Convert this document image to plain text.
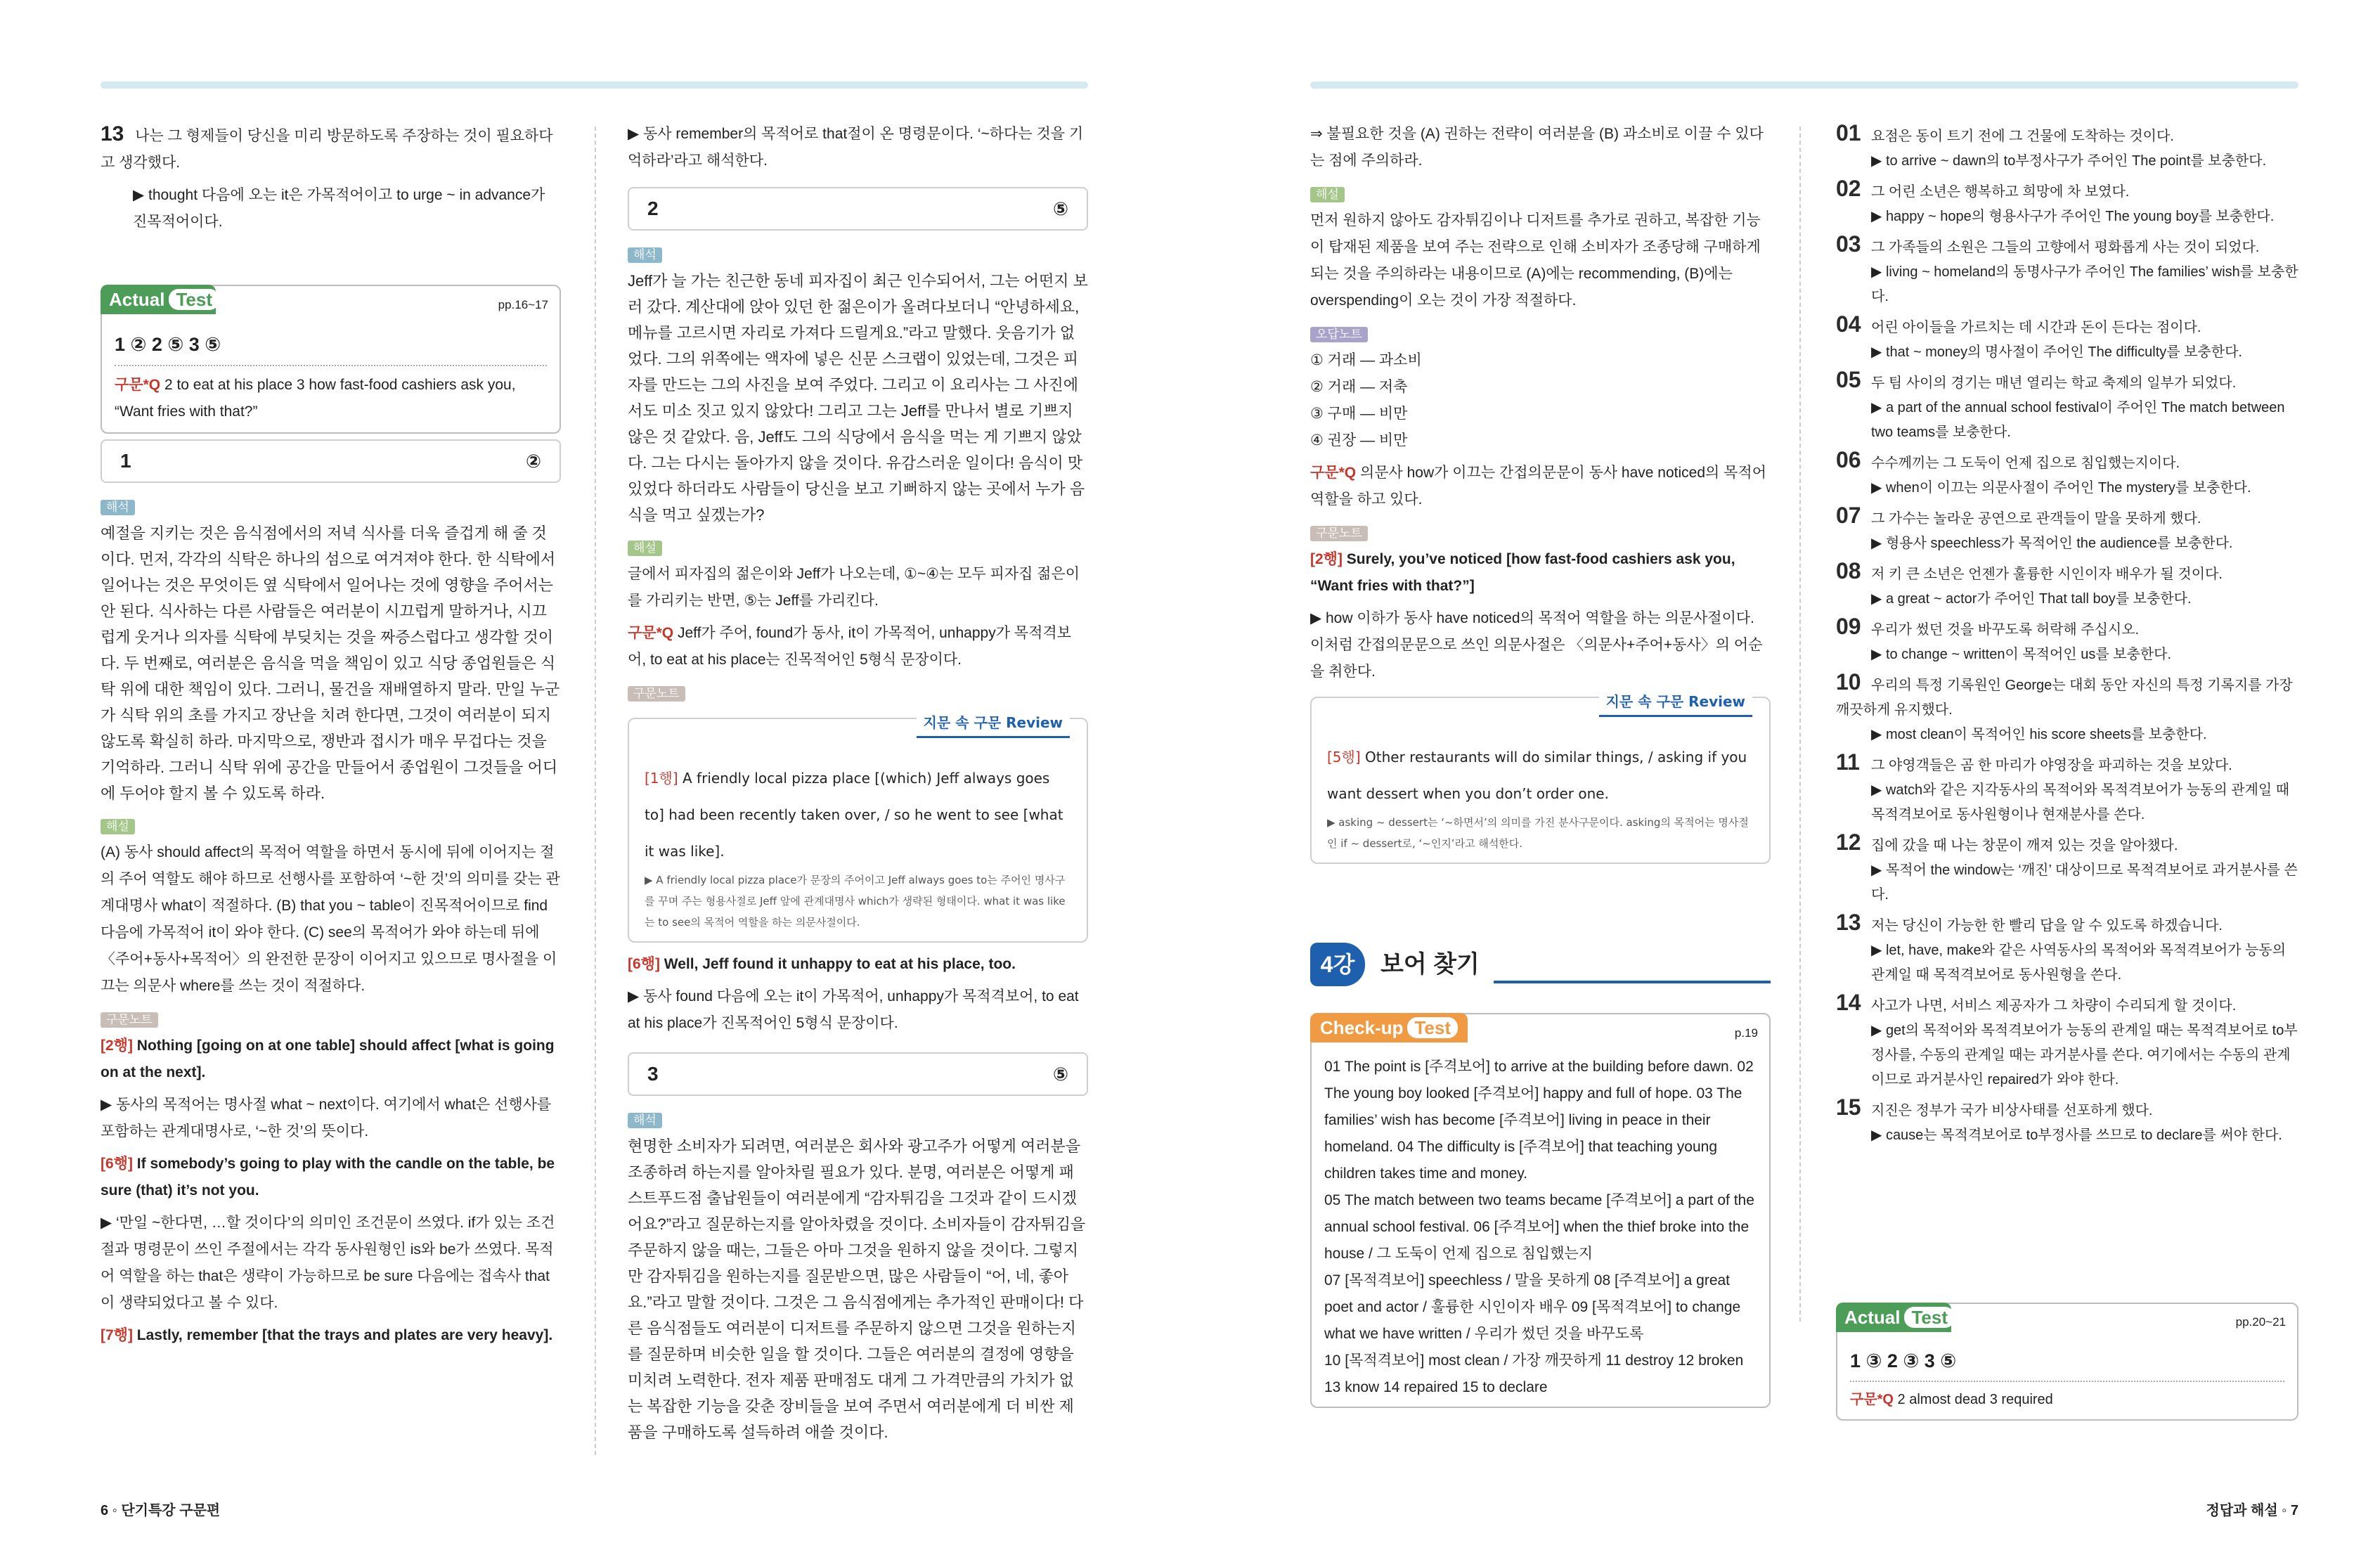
13 나는 그 형제들이 당신을 미리 방문하도록 주장하는 것이 필요하다고 생각했다.
▶ thought 다음에 오는 it은 가목적어이고 to urge ~ in advance가 진목적어이다.
Actual Test	pp.16~17
1 ② 2 ⑤ 3 ⑤
구문*Q 2 to eat at his place 3 how fast-food cashiers ask you, “Want fries with that?”
1	②
해석
예절을 지키는 것은 음식점에서의 저녁 식사를 더욱 즐겁게 해 줄 것이다. 먼저, 각각의 식탁은 하나의 섬으로 여겨져야 한다. 한 식탁에서 일어나는 것은 무엇이든 옆 식탁에서 일어나는 것에 영향을 주어서는 안 된다. 식사하는 다른 사람들은 여러분이 시끄럽게 말하거나, 시끄럽게 웃거나 의자를 식탁에 부딪치는 것을 짜증스럽다고 생각할 것이다. 두 번째로, 여러분은 음식을 먹을 책임이 있고 식당 종업원들은 식탁 위에 대한 책임이 있다. 그러니, 물건을 재배열하지 말라. 만일 누군가 식탁 위의 초를 가지고 장난을 치려 한다면, 그것이 여러분이 되지 않도록 확실히 하라. 마지막으로, 쟁반과 접시가 매우 무겁다는 것을 기억하라. 그러니 식탁 위에 공간을 만들어서 종업원이 그것들을 어디에 두어야 할지 볼 수 있도록 하라.
해설
(A) 동사 should affect의 목적어 역할을 하면서 동시에 뒤에 이어지는 절의 주어 역할도 해야 하므로 선행사를 포함하여 ‘~한 것’의 의미를 갖는 관계대명사 what이 적절하다. (B) that you ~ table이 진목적어이므로 find 다음에 가목적어 it이 와야 한다. (C) see의 목적어가 와야 하는데 뒤에 〈주어+동사+목적어〉의 완전한 문장이 이어지고 있으므로 명사절을 이끄는 의문사 where를 쓰는 것이 적절하다.
구문노트
[2행] Nothing [going on at one table] should affect [what is going on at the next].
▶ 동사의 목적어는 명사절 what ~ next이다. 여기에서 what은 선행사를 포함하는 관계대명사로, ‘~한 것’의 뜻이다.
[6행] If somebody’s going to play with the candle on the table, be sure (that) it’s not you.
▶ ‘만일 ~한다면, …할 것이다’의 의미인 조건문이 쓰였다. if가 있는 조건절과 명령문이 쓰인 주절에서는 각각 동사원형인 is와 be가 쓰였다. 목적어 역할을 하는 that은 생략이 가능하므로 be sure 다음에는 접속사 that이 생략되었다고 볼 수 있다.
[7행] Lastly, remember [that the trays and plates are very heavy].
▶ 동사 remember의 목적어로 that절이 온 명령문이다. ‘~하다는 것을 기억하라’라고 해석한다.
2	⑤
해석
Jeff가 늘 가는 친근한 동네 피자집이 최근 인수되어서, 그는 어떤지 보러 갔다. 계산대에 앉아 있던 한 젊은이가 올려다보더니 “안녕하세요, 메뉴를 고르시면 자리로 가져다 드릴게요.”라고 말했다. 웃음기가 없었다. 그의 위쪽에는 액자에 넣은 신문 스크랩이 있었는데, 그것은 피자를 만드는 그의 사진을 보여 주었다. 그리고 이 요리사는 그 사진에서도 미소 짓고 있지 않았다! 그리고 그는 Jeff를 만나서 별로 기쁘지 않은 것 같았다. 음, Jeff도 그의 식당에서 음식을 먹는 게 기쁘지 않았다. 그는 다시는 돌아가지 않을 것이다. 유감스러운 일이다! 음식이 맛있었다 하더라도 사람들이 당신을 보고 기뻐하지 않는 곳에서 누가 음식을 먹고 싶겠는가?
해설
글에서 피자집의 젊은이와 Jeff가 나오는데, ①~④는 모두 피자집 젊은이를 가리키는 반면, ⑤는 Jeff를 가리킨다.
구문*Q Jeff가 주어, found가 동사, it이 가목적어, unhappy가 목적격보어, to eat at his place는 진목적어인 5형식 문장이다.
구문노트
지문 속 구문 Review
[1행] A friendly local pizza place [(which) Jeff always goes to] had been recently taken over, / so he went to see [what it was like].
▶ A friendly local pizza place가 문장의 주어이고 Jeff always goes to는 주어인 명사구를 꾸며 주는 형용사절로 Jeff 앞에 관계대명사 which가 생략된 형태이다. what it was like는 to see의 목적어 역할을 하는 의문사절이다.
[6행] Well, Jeff found it unhappy to eat at his place, too.
▶ 동사 found 다음에 오는 it이 가목적어, unhappy가 목적격보어, to eat at his place가 진목적어인 5형식 문장이다.
3	⑤
해석
현명한 소비자가 되려면, 여러분은 회사와 광고주가 어떻게 여러분을 조종하려 하는지를 알아차릴 필요가 있다. 분명, 여러분은 어떻게 패스트푸드점 출납원들이 여러분에게 “감자튀김을 그것과 같이 드시겠어요?”라고 질문하는지를 알아차렸을 것이다. 소비자들이 감자튀김을 주문하지 않을 때는, 그들은 아마 그것을 원하지 않을 것이다. 그렇지만 감자튀김을 원하는지를 질문받으면, 많은 사람들이 “어, 네, 좋아요.”라고 말할 것이다. 그것은 그 음식점에게는 추가적인 판매이다! 다른 음식점들도 여러분이 디저트를 주문하지 않으면 그것을 원하는지를 질문하며 비슷한 일을 할 것이다. 그들은 여러분의 결정에 영향을 미치려 노력한다. 전자 제품 판매점도 대게 그 가격만큼의 가치가 없는 복잡한 기능을 갖춘 장비들을 보여 주면서 여러분에게 더 비싼 제품을 구매하도록 설득하려 애쓸 것이다.
⇒ 불필요한 것을 (A) 권하는 전략이 여러분을 (B) 과소비로 이끌 수 있다는 점에 주의하라.
해설
먼저 원하지 않아도 감자튀김이나 디저트를 추가로 권하고, 복잡한 기능이 탑재된 제품을 보여 주는 전략으로 인해 소비자가 조종당해 구매하게 되는 것을 주의하라는 내용이므로 (A)에는 recommending, (B)에는 overspending이 오는 것이 가장 적절하다.
오답노트
① 거래 — 과소비
② 거래 — 저축
③ 구매 — 비만
④ 권장 — 비만
구문*Q 의문사 how가 이끄는 간접의문문이 동사 have noticed의 목적어 역할을 하고 있다.
구문노트
[2행] Surely, you’ve noticed [how fast-food cashiers ask you, “Want fries with that?”]
▶ how 이하가 동사 have noticed의 목적어 역할을 하는 의문사절이다. 이처럼 간접의문문으로 쓰인 의문사절은 〈의문사+주어+동사〉의 어순을 취한다.
지문 속 구문 Review
[5행] Other restaurants will do similar things, / asking if you want dessert when you don’t order one.
▶ asking ~ dessert는 ‘~하면서’의 의미를 가진 분사구문이다. asking의 목적어는 명사절인 if ~ dessert로, ‘~인지’라고 해석한다.
4강	보어 찾기
Check-up Test	p.19
01 The point is [주격보어] to arrive at the building before dawn. 02 The young boy looked [주격보어] happy and full of hope. 03 The families’ wish has become [주격보어] living in peace in their homeland. 04 The difficulty is [주격보어] that teaching young children takes time and money.
05 The match between two teams became [주격보어] a part of the annual school festival. 06 [주격보어] when the thief broke into the house / 그 도둑이 언제 집으로 침입했는지
07 [목적격보어] speechless / 말을 못하게 08 [주격보어] a great poet and actor / 훌륭한 시인이자 배우 09 [목적격보어] to change what we have written / 우리가 썼던 것을 바꾸도록
10 [목적격보어] most clean / 가장 깨끗하게 11 destroy 12 broken 13 know 14 repaired 15 to declare
01 요점은 동이 트기 전에 그 건물에 도착하는 것이다.
▶ to arrive ~ dawn의 to부정사구가 주어인 The point를 보충한다.
02 그 어린 소년은 행복하고 희망에 차 보였다.
▶ happy ~ hope의 형용사구가 주어인 The young boy를 보충한다.
03 그 가족들의 소원은 그들의 고향에서 평화롭게 사는 것이 되었다.
▶ living ~ homeland의 동명사구가 주어인 The families’ wish를 보충한다.
04 어린 아이들을 가르치는 데 시간과 돈이 든다는 점이다.
▶ that ~ money의 명사절이 주어인 The difficulty를 보충한다.
05 두 팀 사이의 경기는 매년 열리는 학교 축제의 일부가 되었다.
▶ a part of the annual school festival이 주어인 The match between two teams를 보충한다.
06 수수께끼는 그 도둑이 언제 집으로 침입했는지이다.
▶ when이 이끄는 의문사절이 주어인 The mystery를 보충한다.
07 그 가수는 놀라운 공연으로 관객들이 말을 못하게 했다.
▶ 형용사 speechless가 목적어인 the audience를 보충한다.
08 저 키 큰 소년은 언젠가 훌륭한 시인이자 배우가 될 것이다.
▶ a great ~ actor가 주어인 That tall boy를 보충한다.
09 우리가 썼던 것을 바꾸도록 허락해 주십시오.
▶ to change ~ written이 목적어인 us를 보충한다.
10 우리의 특정 기록원인 George는 대회 동안 자신의 특정 기록지를 가장 깨끗하게 유지했다.
▶ most clean이 목적어인 his score sheets를 보충한다.
11 그 야영객들은 곰 한 마리가 야영장을 파괴하는 것을 보았다.
▶ watch와 같은 지각동사의 목적어와 목적격보어가 능동의 관계일 때 목적격보어로 동사원형이나 현재분사를 쓴다.
12 집에 갔을 때 나는 창문이 깨져 있는 것을 알아챘다.
▶ 목적어 the window는 ‘깨진’ 대상이므로 목적격보어로 과거분사를 쓴다.
13 저는 당신이 가능한 한 빨리 답을 알 수 있도록 하겠습니다.
▶ let, have, make와 같은 사역동사의 목적어와 목적격보어가 능동의 관계일 때 목적격보어로 동사원형을 쓴다.
14 사고가 나면, 서비스 제공자가 그 차량이 수리되게 할 것이다.
▶ get의 목적어와 목적격보어가 능동의 관계일 때는 목적격보어로 to부정사를, 수동의 관계일 때는 과거분사를 쓴다. 여기에서는 수동의 관계이므로 과거분사인 repaired가 와야 한다.
15 지진은 정부가 국가 비상사태를 선포하게 했다.
▶ cause는 목적격보어로 to부정사를 쓰므로 to declare를 써야 한다.
Actual Test	pp.20~21
1 ③ 2 ③ 3 ⑤
구문*Q 2 almost dead 3 required
6 ◦ 단기특강 구문편	정답과 해설 ◦ 7
